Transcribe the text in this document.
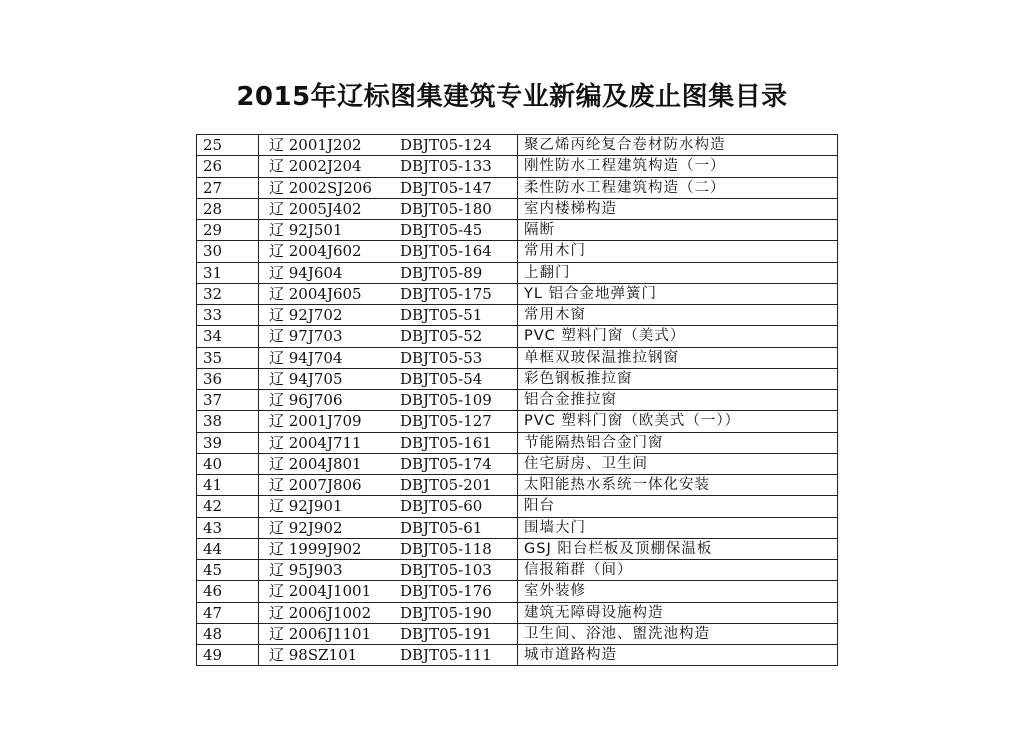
2015年辽标图集建筑专业新编及废止图集目录
25	辽 2001J202	DBJT05-124	聚乙烯丙纶复合卷材防水构造
26	辽 2002J204	DBJT05-133	刚性防水工程建筑构造（一）
27	辽 2002SJ206	DBJT05-147	柔性防水工程建筑构造（二）
28	辽 2005J402	DBJT05-180	室内楼梯构造
29	辽 92J501	DBJT05-45	隔断
30	辽 2004J602	DBJT05-164	常用木门
31	辽 94J604	DBJT05-89	上翻门
32	辽 2004J605	DBJT05-175	YL 铝合金地弹簧门
33	辽 92J702	DBJT05-51	常用木窗
34	辽 97J703	DBJT05-52	PVC 塑料门窗（美式）
35	辽 94J704	DBJT05-53	单框双玻保温推拉钢窗
36	辽 94J705	DBJT05-54	彩色钢板推拉窗
37	辽 96J706	DBJT05-109	铝合金推拉窗
38	辽 2001J709	DBJT05-127	PVC 塑料门窗（欧美式（一））
39	辽 2004J711	DBJT05-161	节能隔热铝合金门窗
40	辽 2004J801	DBJT05-174	住宅厨房、卫生间
41	辽 2007J806	DBJT05-201	太阳能热水系统一体化安装
42	辽 92J901	DBJT05-60	阳台
43	辽 92J902	DBJT05-61	围墙大门
44	辽 1999J902	DBJT05-118	GSJ 阳台栏板及顶棚保温板
45	辽 95J903	DBJT05-103	信报箱群（间）
46	辽 2004J1001	DBJT05-176	室外装修
47	辽 2006J1002	DBJT05-190	建筑无障碍设施构造
48	辽 2006J1101	DBJT05-191	卫生间、浴池、盥洗池构造
49	辽 98SZ101	DBJT05-111	城市道路构造
